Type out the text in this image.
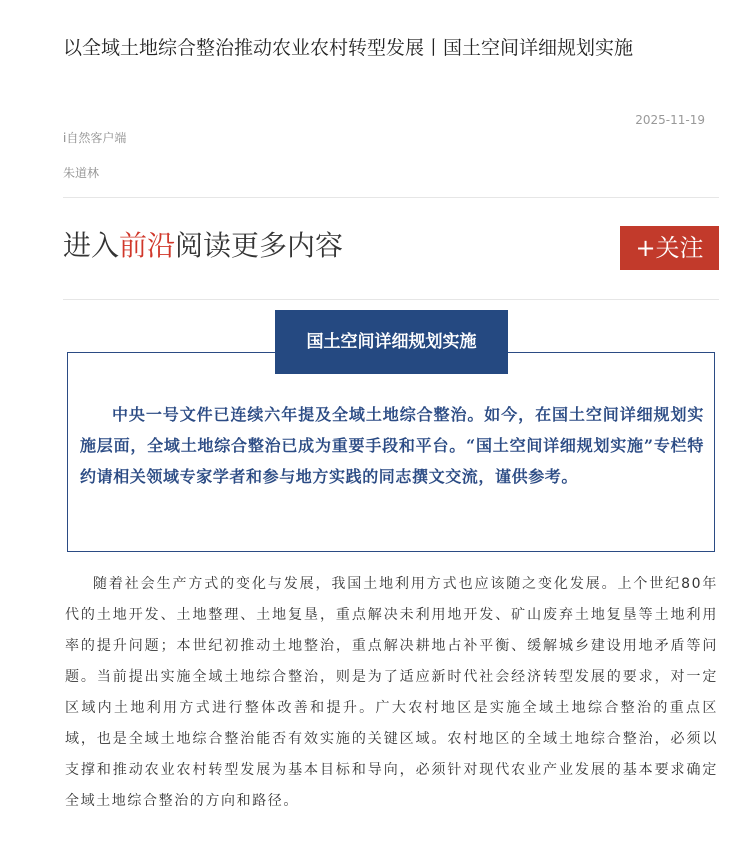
以全域土地综合整治推动农业农村转型发展丨国土空间详细规划实施
2025-11-19
i自然客户端
朱道林
进入前沿阅读更多内容	+关注
国土空间详细规划实施
中央一号文件已连续六年提及全域土地综合整治。如今，在国土空间详细规划实施层面，全域土地综合整治已成为重要手段和平台。“国土空间详细规划实施”专栏特约请相关领域专家学者和参与地方实践的同志撰文交流，谨供参考。
随着社会生产方式的变化与发展，我国土地利用方式也应该随之变化发展。上个世纪80年代的土地开发、土地整理、土地复垦，重点解决未利用地开发、矿山废弃土地复垦等土地利用率的提升问题；本世纪初推动土地整治，重点解决耕地占补平衡、缓解城乡建设用地矛盾等问题。当前提出实施全域土地综合整治，则是为了适应新时代社会经济转型发展的要求，对一定区域内土地利用方式进行整体改善和提升。广大农村地区是实施全域土地综合整治的重点区域，也是全域土地综合整治能否有效实施的关键区域。农村地区的全域土地综合整治，必须以支撑和推动农业农村转型发展为基本目标和导向，必须针对现代农业产业发展的基本要求确定全域土地综合整治的方向和路径。
